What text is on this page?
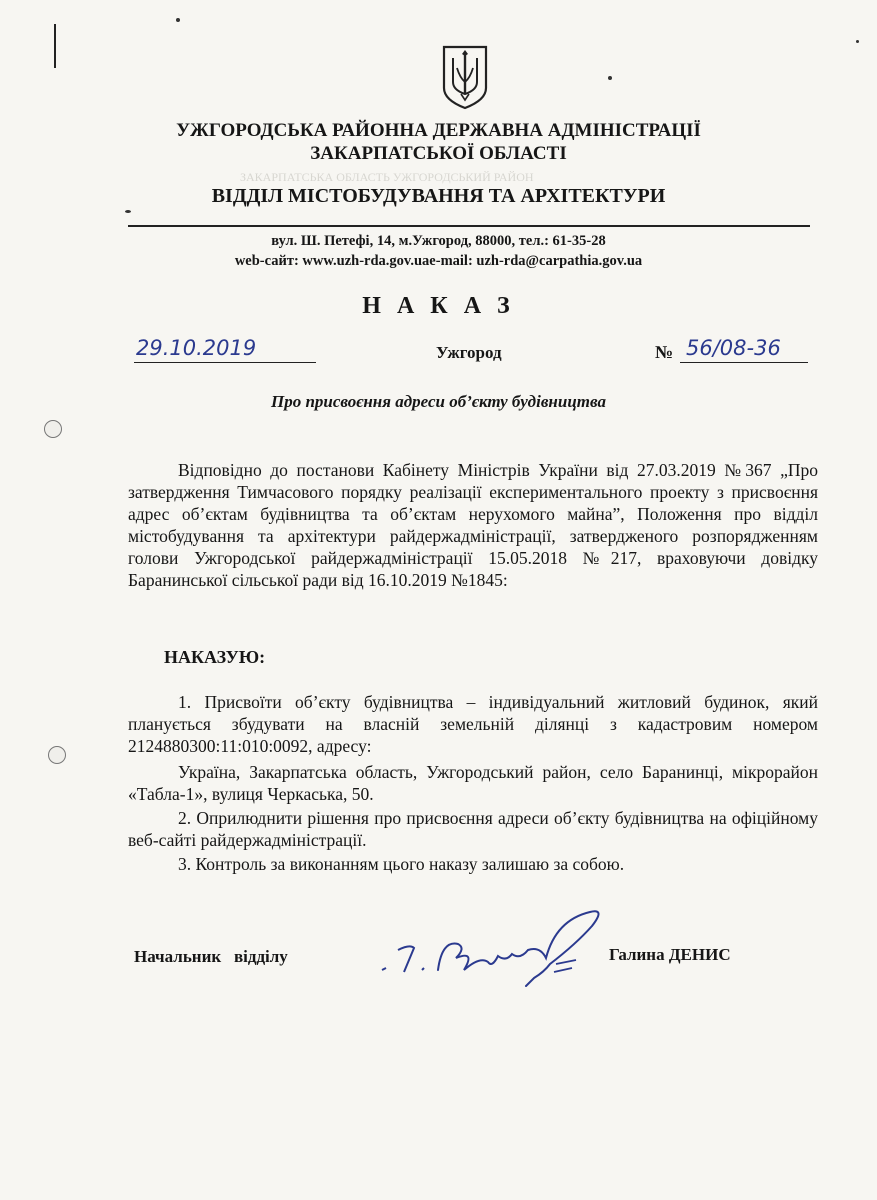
УЖГОРОДСЬКА РАЙОННА ДЕРЖАВНА АДМІНІСТРАЦІЇ
ЗАКАРПАТСЬКОЇ ОБЛАСТІ
ВІДДІЛ МІСТОБУДУВАННЯ ТА АРХІТЕКТУРИ
вул. Ш. Петефі, 14, м.Ужгород, 88000, тел.: 61-35-28
web-сайт: www.uzh-rda.gov.uae-mail: uzh-rda@carpathia.gov.ua
ЗАКАРПАТСЬКА ОБЛАСТЬ УЖГОРОДСЬКИЙ РАЙОН
Н А К А З
29.10.2019	Ужгород	№ 56/08-36
Про присвоєння адреси об’єкту будівництва
Відповідно до постанови Кабінету Міністрів України від 27.03.2019 №367 „Про затвердження Тимчасового порядку реалізації експериментального проекту з присвоєння адрес об’єктам будівництва та об’єктам нерухомого майна”, Положення про відділ містобудування та архітектури райдержадміністрації, затвердженого розпорядженням голови Ужгородської райдержадміністрації 15.05.2018 №217, враховуючи довідку Баранинської сільської ради від 16.10.2019 №1845:
НАКАЗУЮ:
1. Присвоїти об’єкту будівництва – індивідуальний житловий будинок, який планується збудувати на власній земельній ділянці з кадастровим номером 2124880300:11:010:0092, адресу:
Україна, Закарпатська область, Ужгородський район, село Баранинці, мікрорайон «Табла-1», вулиця Черкаська, 50.
2. Оприлюднити рішення про присвоєння адреси об’єкту будівництва на офіційному веб-сайті райдержадміністрації.
3. Контроль за виконанням цього наказу залишаю за собою.
Начальник   відділу	Галина ДЕНИС
